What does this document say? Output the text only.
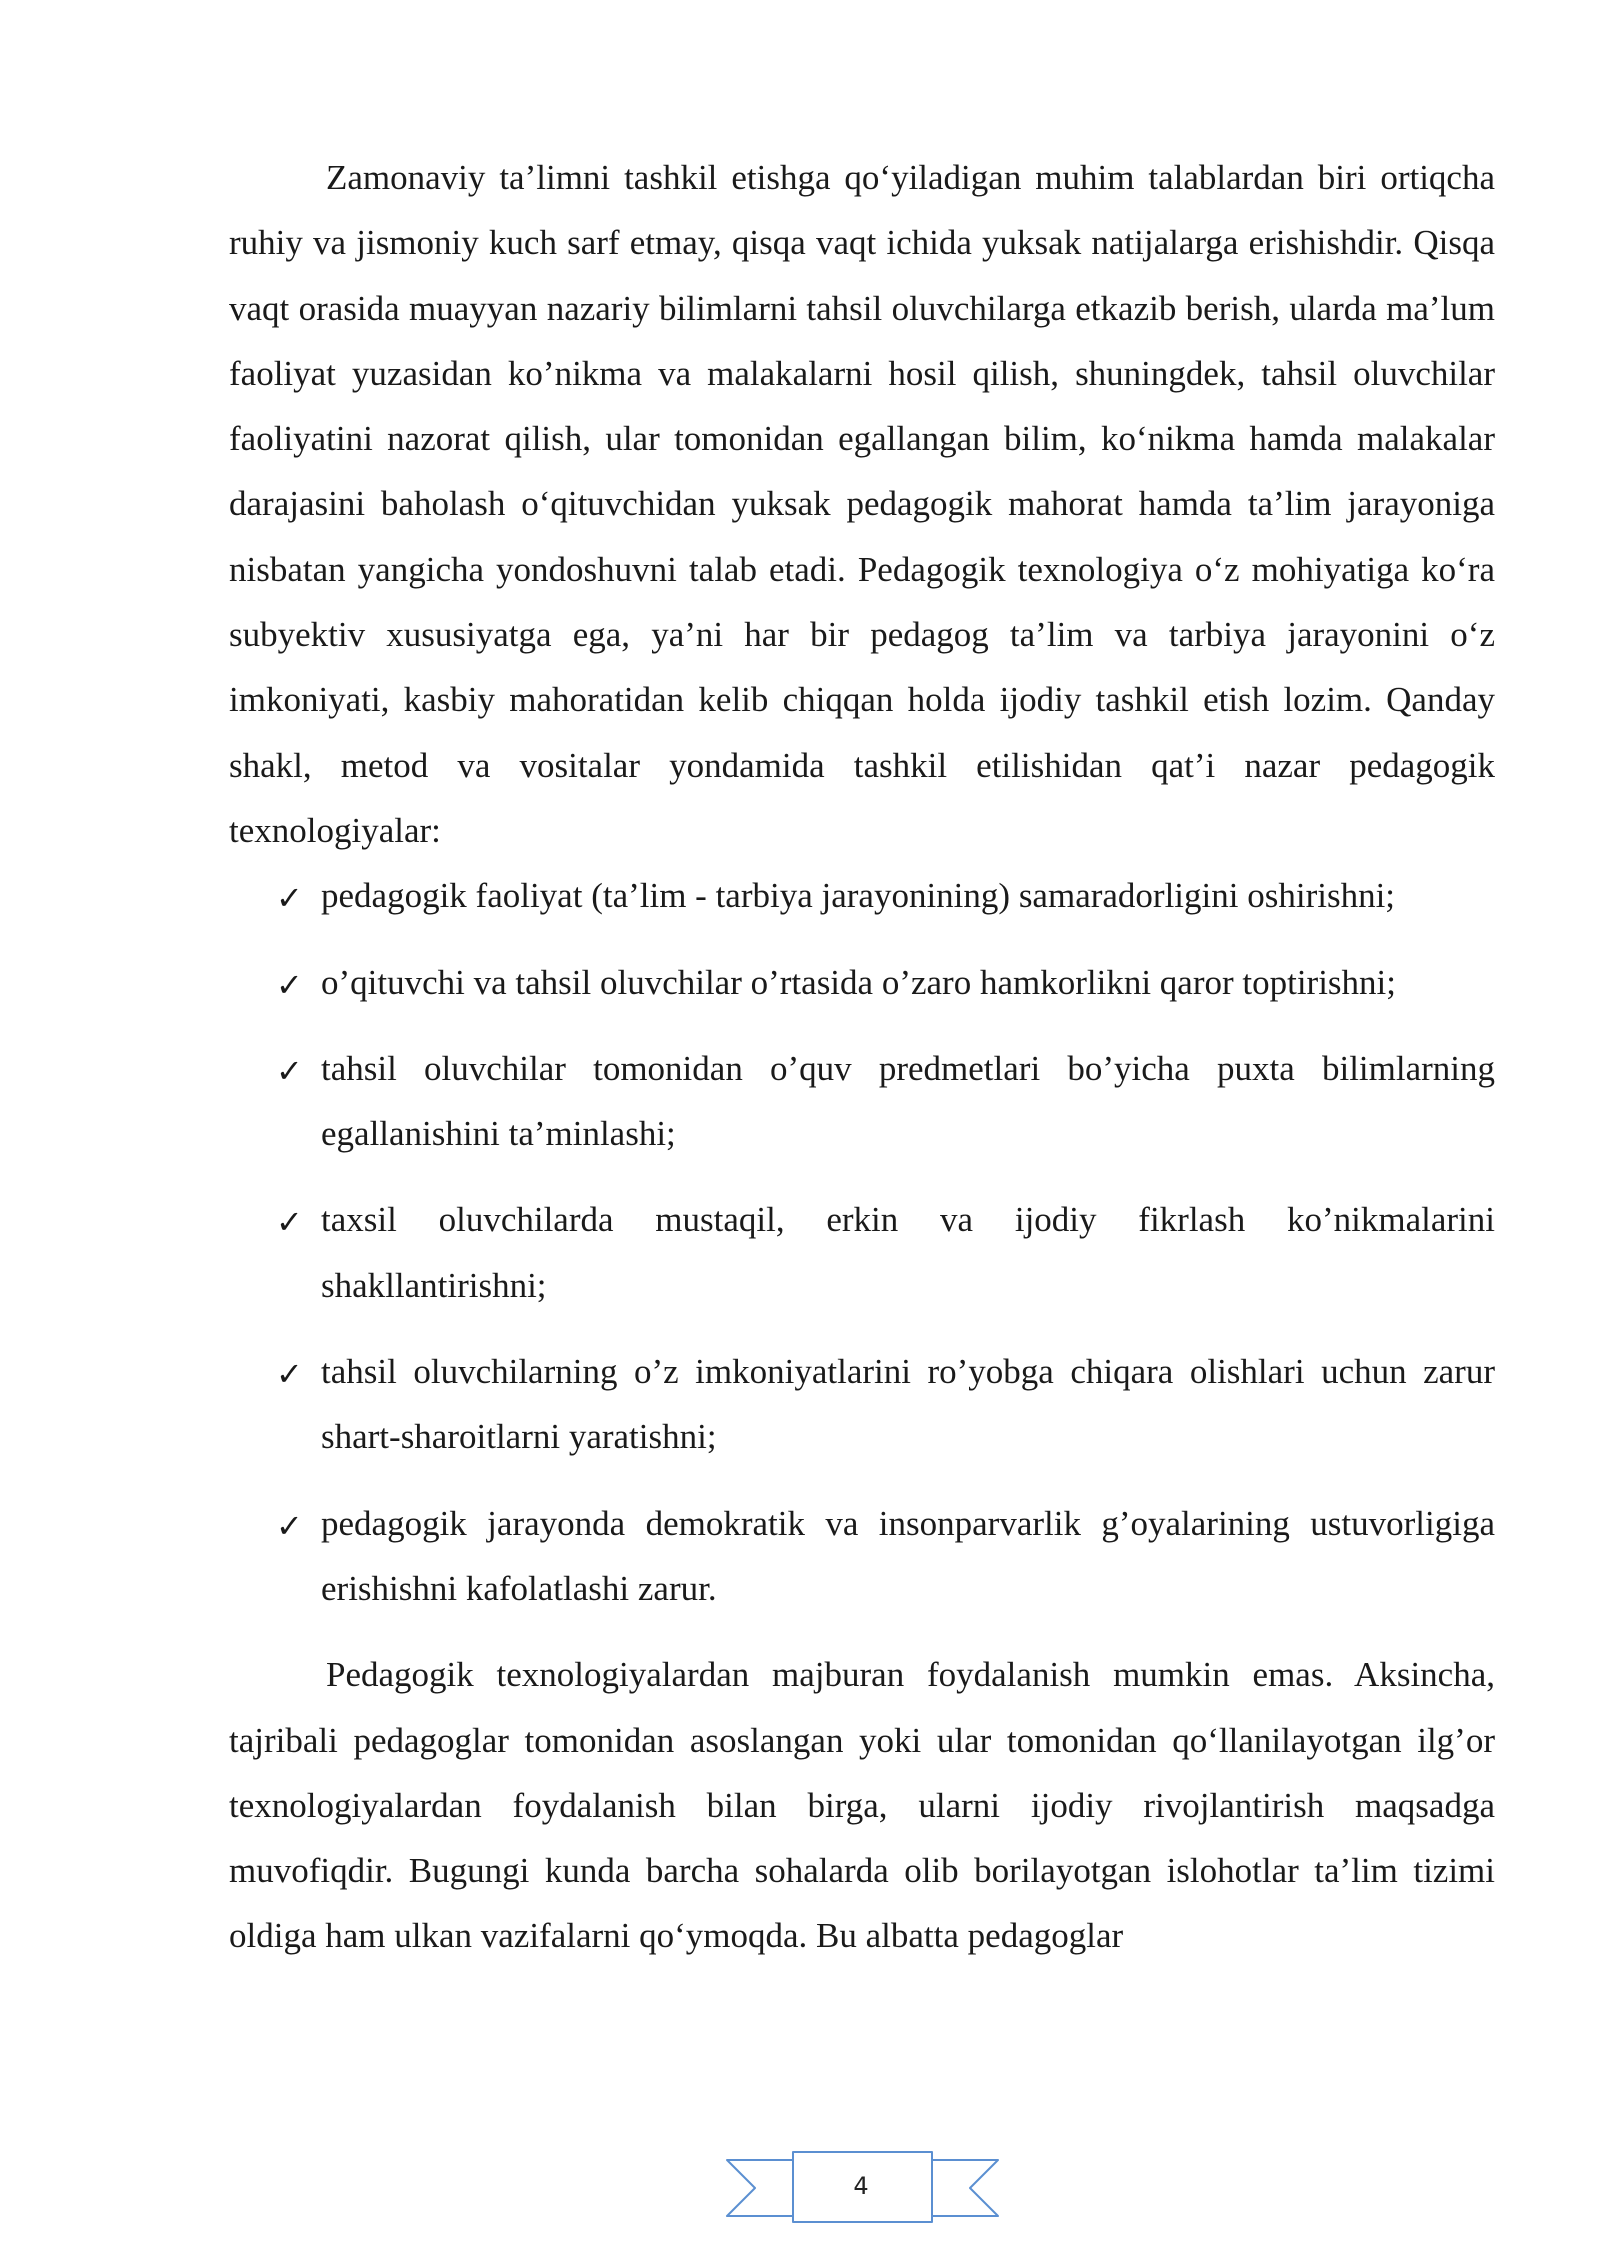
Zamonaviy ta’limni tashkil etishga qo‘yiladigan muhim talablardan biri ortiqcha ruhiy va jismoniy kuch sarf etmay, qisqa vaqt ichida yuksak natijalarga erishishdir. Qisqa vaqt orasida muayyan nazariy bilimlarni tahsil oluvchilarga etkazib berish, ularda ma’lum faoliyat yuzasidan ko’nikma va malakalarni hosil qilish, shuningdek, tahsil oluvchilar faoliyatini nazorat qilish, ular tomonidan egallangan bilim, ko‘nikma hamda malakalar darajasini baholash o‘qituvchidan yuksak pedagogik mahorat hamda ta’lim jarayoniga nisbatan yangicha yondoshuvni talab etadi. Pedagogik texnologiya o‘z mohiyatiga ko‘ra subyektiv xususiyatga ega, ya’ni har bir pedagog ta’lim va tarbiya jarayonini o‘z imkoniyati, kasbiy mahoratidan kelib chiqqan holda ijodiy tashkil etish lozim. Qanday shakl, metod va vositalar yondamida tashkil etilishidan qat’i nazar pedagogik texnologiyalar:

✓ pedagogik faoliyat (ta’lim - tarbiya jarayonining) samaradorligini oshirishni;
✓ o’qituvchi va tahsil oluvchilar o’rtasida o’zaro hamkorlikni qaror toptirishni;
✓ tahsil oluvchilar tomonidan o’quv predmetlari bo’yicha puxta bilimlarning egallanishini ta’minlashi;
✓ taxsil oluvchilarda mustaqil, erkin va ijodiy fikrlash ko’nikmalarini shakllantirishni;
✓ tahsil oluvchilarning o’z imkoniyatlarini ro’yobga chiqara olishlari uchun zarur shart-sharoitlarni yaratishni;
✓ pedagogik jarayonda demokratik va insonparvarlik g’oyalarining ustuvorligiga erishishni kafolatlashi zarur.

Pedagogik texnologiyalardan majburan foydalanish mumkin emas. Aksincha, tajribali pedagoglar tomonidan asoslangan yoki ular tomonidan qo‘llanilayotgan ilg’or texnologiyalardan foydalanish bilan birga, ularni ijodiy rivojlantirish maqsadga muvofiqdir. Bugungi kunda barcha sohalarda olib borilayotgan islohotlar ta’lim tizimi oldiga ham ulkan vazifalarni qo‘ymoqda. Bu albatta pedagoglar

4
